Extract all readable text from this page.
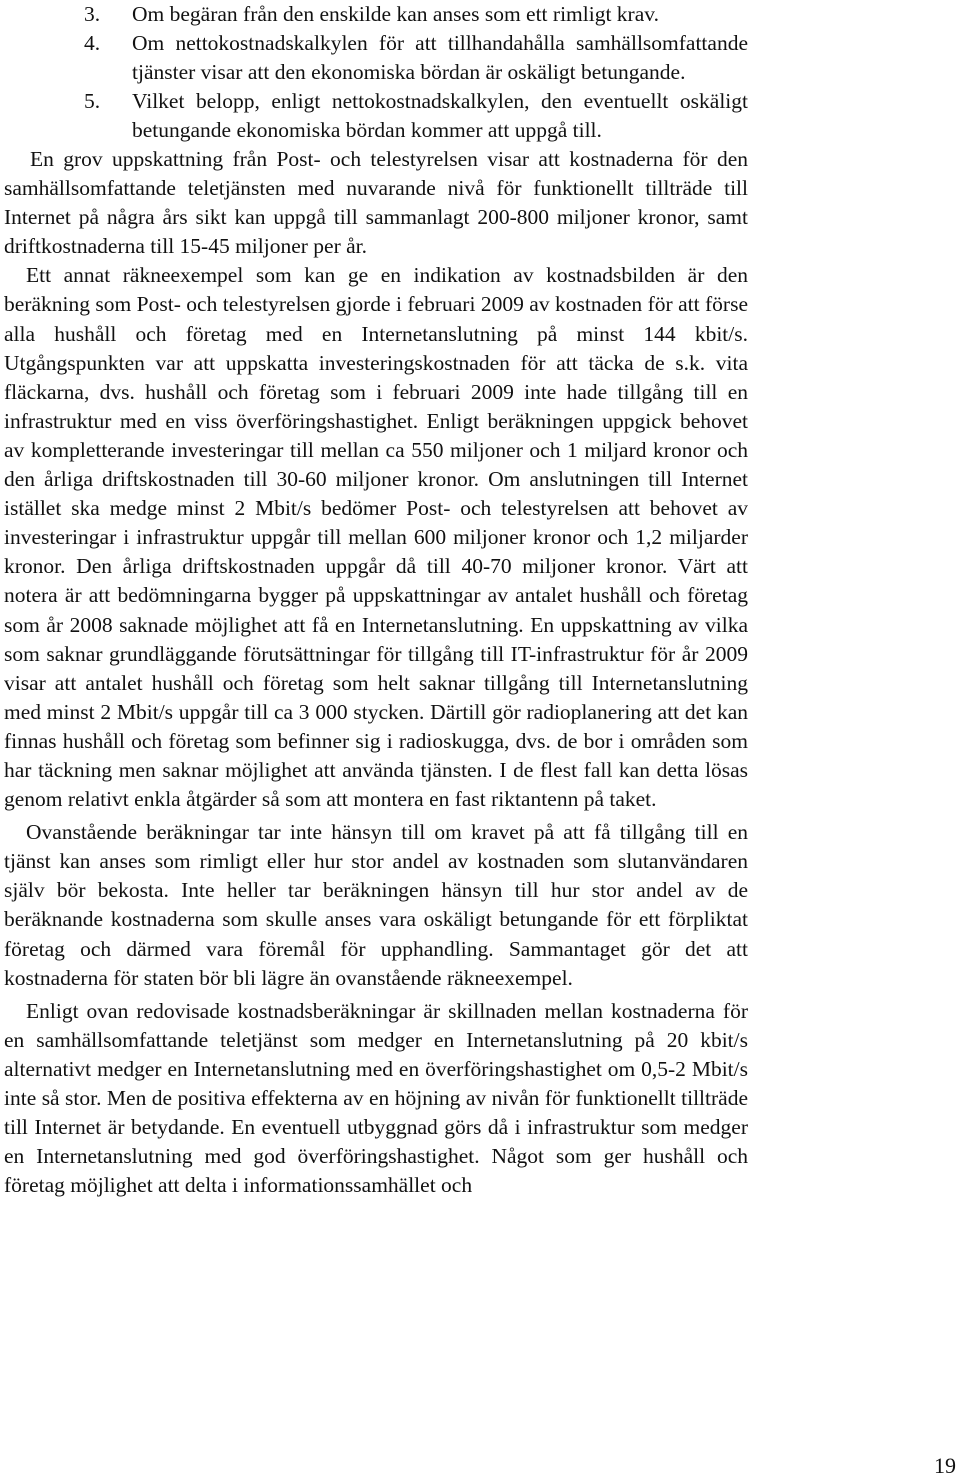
3. Om begäran från den enskilde kan anses som ett rimligt krav.
4. Om nettokostnadskalkylen för att tillhandahålla samhällsomfattande tjänster visar att den ekonomiska bördan är oskäligt betungande.
5. Vilket belopp, enligt nettokostnadskalkylen, den eventuellt oskäligt betungande ekonomiska bördan kommer att uppgå till.

En grov uppskattning från Post- och telestyrelsen visar att kostnaderna för den samhällsomfattande teletjänsten med nuvarande nivå för funktionellt tillträde till Internet på några års sikt kan uppgå till sammanlagt 200-800 miljoner kronor, samt driftkostnaderna till 15-45 miljoner per år.

Ett annat räkneexempel som kan ge en indikation av kostnadsbilden är den beräkning som Post- och telestyrelsen gjorde i februari 2009 av kostnaden för att förse alla hushåll och företag med en Internetanslutning på minst 144 kbit/s. Utgångspunkten var att uppskatta investeringskostnaden för att täcka de s.k. vita fläckarna, dvs. hushåll och företag som i februari 2009 inte hade tillgång till en infrastruktur med en viss överföringshastighet. Enligt beräkningen uppgick behovet av kompletterande investeringar till mellan ca 550 miljoner och 1 miljard kronor och den årliga driftskostnaden till 30-60 miljoner kronor. Om anslutningen till Internet istället ska medge minst 2 Mbit/s bedömer Post- och telestyrelsen att behovet av investeringar i infrastruktur uppgår till mellan 600 miljoner kronor och 1,2 miljarder kronor. Den årliga driftskostnaden uppgår då till 40-70 miljoner kronor. Värt att notera är att bedömningarna bygger på uppskattningar av antalet hushåll och företag som år 2008 saknade möjlighet att få en Internetanslutning. En uppskattning av vilka som saknar grundläggande förutsättningar för tillgång till IT-infrastruktur för år 2009 visar att antalet hushåll och företag som helt saknar tillgång till Internetanslutning med minst 2 Mbit/s uppgår till ca 3 000 stycken. Därtill gör radioplanering att det kan finnas hushåll och företag som befinner sig i radioskugga, dvs. de bor i områden som har täckning men saknar möjlighet att använda tjänsten. I de flest fall kan detta lösas genom relativt enkla åtgärder så som att montera en fast riktantenn på taket.

Ovanstående beräkningar tar inte hänsyn till om kravet på att få tillgång till en tjänst kan anses som rimligt eller hur stor andel av kostnaden som slutanvändaren själv bör bekosta. Inte heller tar beräkningen hänsyn till hur stor andel av de beräknande kostnaderna som skulle anses vara oskäligt betungande för ett förpliktat företag och därmed vara föremål för upphandling. Sammantaget gör det att kostnaderna för staten bör bli lägre än ovanstående räkneexempel.

Enligt ovan redovisade kostnadsberäkningar är skillnaden mellan kostnaderna för en samhällsomfattande teletjänst som medger en Internetanslutning på 20 kbit/s alternativt medger en Internetanslutning med en överföringshastighet om 0,5-2 Mbit/s inte så stor. Men de positiva effekterna av en höjning av nivån för funktionellt tillträde till Internet är betydande. En eventuell utbyggnad görs då i infrastruktur som medger en Internetanslutning med god överföringshastighet. Något som ger hushåll och företag möjlighet att delta i informationssamhället och

19
